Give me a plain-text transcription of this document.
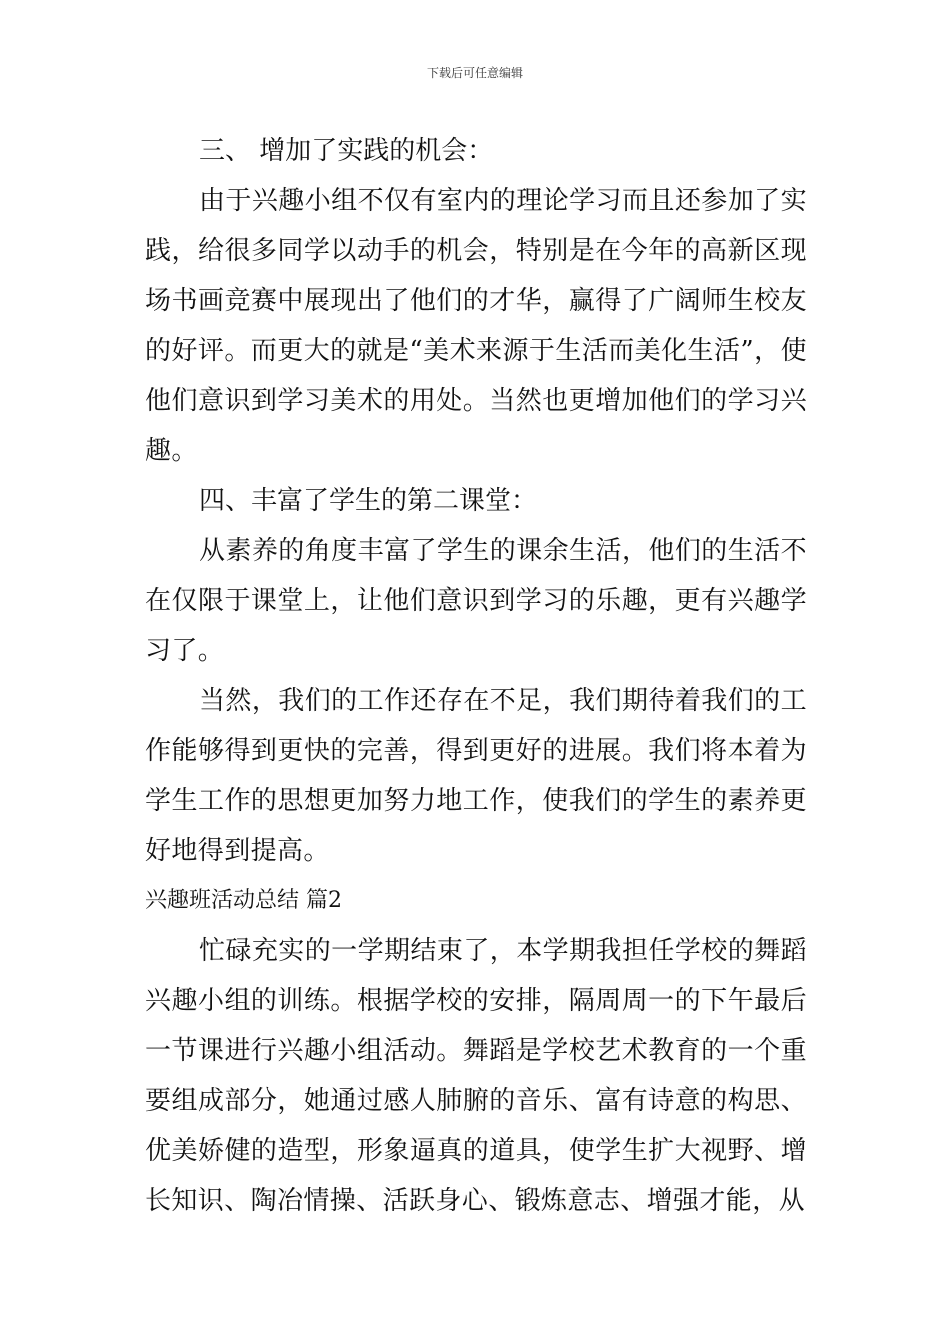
下载后可任意编辑

三、 增加了实践的机会：

由于兴趣小组不仅有室内的理论学习而且还参加了实践，给很多同学以动手的机会，特别是在今年的高新区现场书画竞赛中展现出了他们的才华，赢得了广阔师生校友的好评。而更大的就是“美术来源于生活而美化生活”，使他们意识到学习美术的用处。当然也更增加他们的学习兴趣。

四、丰富了学生的第二课堂：

从素养的角度丰富了学生的课余生活，他们的生活不在仅限于课堂上，让他们意识到学习的乐趣，更有兴趣学习了。

当然，我们的工作还存在不足，我们期待着我们的工作能够得到更快的完善，得到更好的进展。我们将本着为学生工作的思想更加努力地工作，使我们的学生的素养更好地得到提高。

兴趣班活动总结 篇2

忙碌充实的一学期结束了，本学期我担任学校的舞蹈兴趣小组的训练。根据学校的安排，隔周周一的下午最后一节课进行兴趣小组活动。舞蹈是学校艺术教育的一个重要组成部分，她通过感人肺腑的音乐、富有诗意的构思、优美娇健的造型，形象逼真的道具，使学生扩大视野、增长知识、陶冶情操、活跃身心、锻炼意志、增强才能，从
